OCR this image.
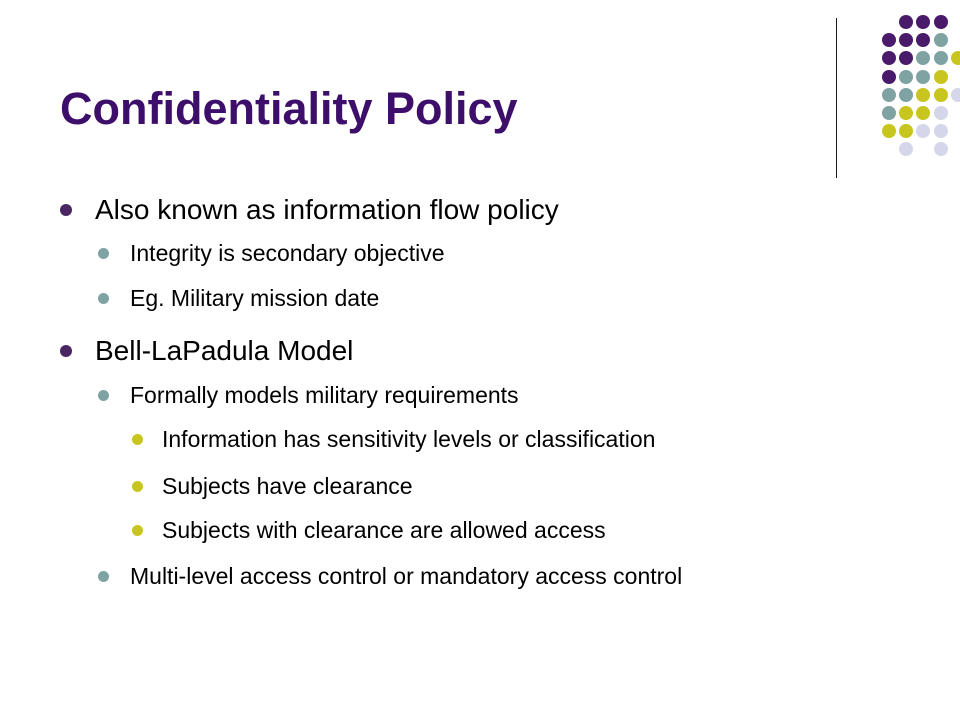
Confidentiality Policy
Also known as information flow policy
Integrity is secondary objective
Eg. Military mission date
Bell-LaPadula Model
Formally models military requirements
Information has sensitivity levels or classification
Subjects have clearance
Subjects with clearance are allowed access
Multi-level access control or mandatory access control
